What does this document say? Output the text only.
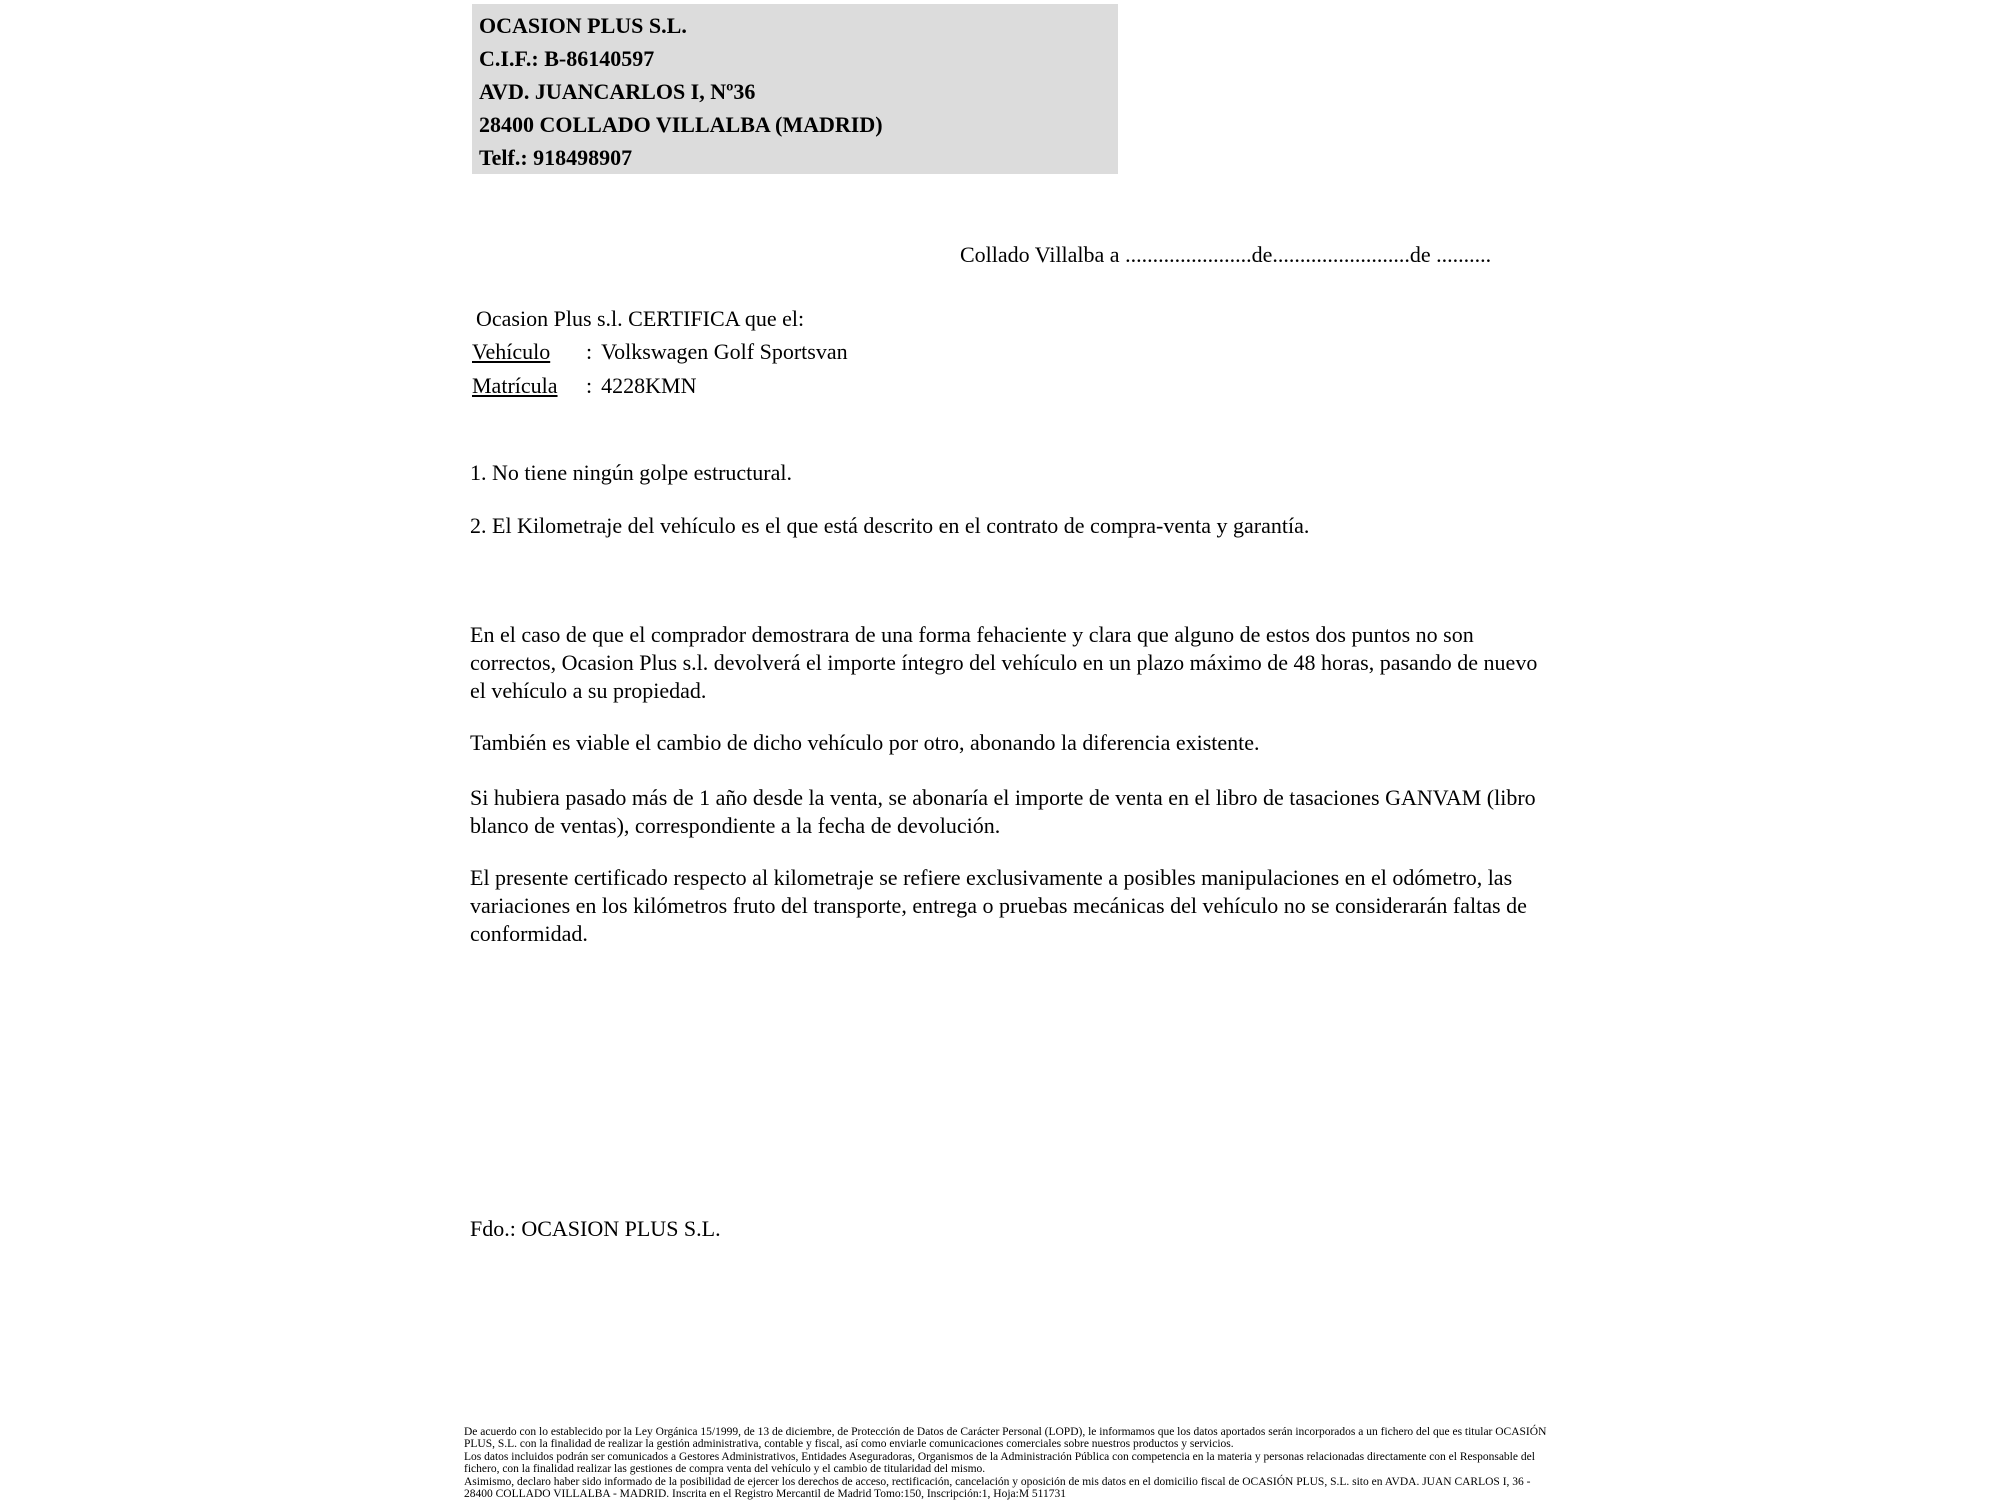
OCASION PLUS S.L.
C.I.F.: B-86140597
AVD. JUANCARLOS I, Nº36
28400 COLLADO VILLALBA (MADRID)
Telf.: 918498907
Collado Villalba a .......................de.........................de ..........
Ocasion Plus s.l. CERTIFICA que el:
Vehículo	: Volkswagen Golf Sportsvan
Matrícula	: 4228KMN
1. No tiene ningún golpe estructural.
2. El Kilometraje del vehículo es el que está descrito en el contrato de compra-venta y garantía.
En el caso de que el comprador demostrara de una forma fehaciente y clara que alguno de estos dos puntos no son correctos, Ocasion Plus s.l. devolverá el importe íntegro del vehículo en un plazo máximo de 48 horas, pasando de nuevo el vehículo a su propiedad.
También es viable el cambio de dicho vehículo por otro, abonando la diferencia existente.
Si hubiera pasado más de 1 año desde la venta, se abonaría el importe de venta en el libro de tasaciones GANVAM (libro blanco de ventas), correspondiente a la fecha de devolución.
El presente certificado respecto al kilometraje se refiere exclusivamente a posibles manipulaciones en el odómetro, las variaciones en los kilómetros fruto del transporte, entrega o pruebas mecánicas del vehículo no se considerarán faltas de conformidad.
Fdo.: OCASION PLUS S.L.

De acuerdo con lo establecido por la Ley Orgánica 15/1999, de 13 de diciembre, de Protección de Datos de Carácter Personal (LOPD), le informamos que los datos aportados serán incorporados a un fichero del que es titular OCASIÓN PLUS, S.L. con la finalidad de realizar la gestión administrativa, contable y fiscal, así como enviarle comunicaciones comerciales sobre nuestros productos y servicios.

Los datos incluidos podrán ser comunicados a Gestores Administrativos, Entidades Aseguradoras, Organismos de la Administración Pública con competencia en la materia y personas relacionadas directamente con el Responsable del fichero, con la finalidad realizar las gestiones de compra venta del vehículo y el cambio de titularidad del mismo.

Asimismo, declaro haber sido informado de la posibilidad de ejercer los derechos de acceso, rectificación, cancelación y oposición de mis datos en el domicilio fiscal de OCASIÓN PLUS, S.L. sito en AVDA. JUAN CARLOS I, 36 - 28400 COLLADO VILLALBA - MADRID. Inscrita en el Registro Mercantil de Madrid Tomo:150, Inscripción:1, Hoja:M 511731
